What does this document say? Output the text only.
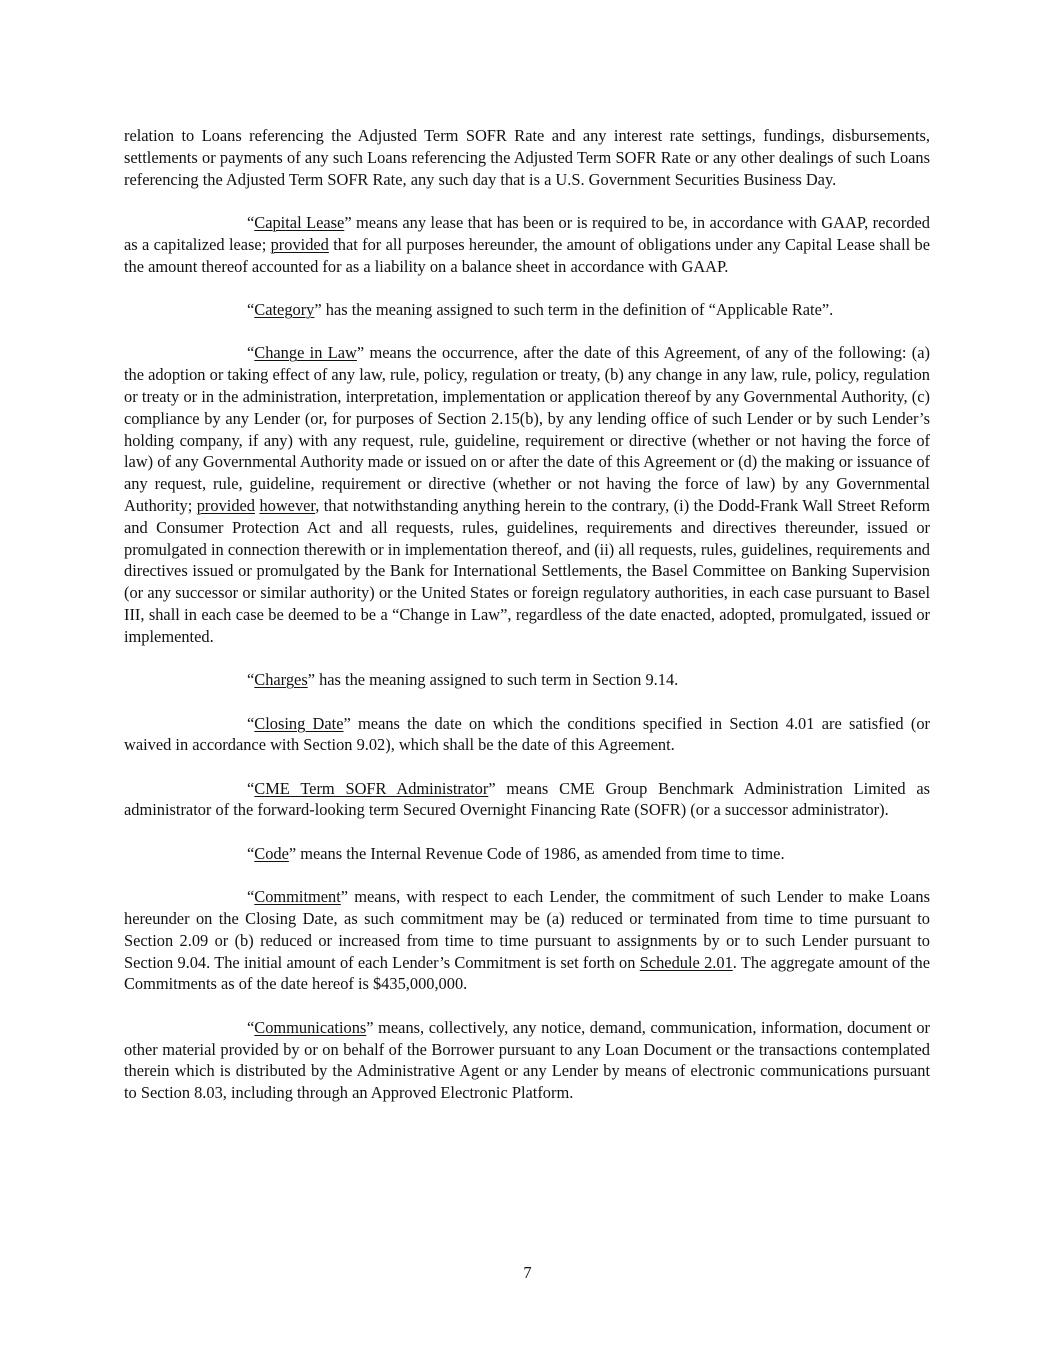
relation to Loans referencing the Adjusted Term SOFR Rate and any interest rate settings, fundings, disbursements, settlements or payments of any such Loans referencing the Adjusted Term SOFR Rate or any other dealings of such Loans referencing the Adjusted Term SOFR Rate, any such day that is a U.S. Government Securities Business Day.

“Capital Lease” means any lease that has been or is required to be, in accordance with GAAP, recorded as a capitalized lease; provided that for all purposes hereunder, the amount of obligations under any Capital Lease shall be the amount thereof accounted for as a liability on a balance sheet in accordance with GAAP.

“Category” has the meaning assigned to such term in the definition of “Applicable Rate”.

“Change in Law” means the occurrence, after the date of this Agreement, of any of the following: (a) the adoption or taking effect of any law, rule, policy, regulation or treaty, (b) any change in any law, rule, policy, regulation or treaty or in the administration, interpretation, implementation or application thereof by any Governmental Authority, (c) compliance by any Lender (or, for purposes of Section 2.15(b), by any lending office of such Lender or by such Lender’s holding company, if any) with any request, rule, guideline, requirement or directive (whether or not having the force of law) of any Governmental Authority made or issued on or after the date of this Agreement or (d) the making or issuance of any request, rule, guideline, requirement or directive (whether or not having the force of law) by any Governmental Authority; provided however, that notwithstanding anything herein to the contrary, (i) the Dodd-Frank Wall Street Reform and Consumer Protection Act and all requests, rules, guidelines, requirements and directives thereunder, issued or promulgated in connection therewith or in implementation thereof, and (ii) all requests, rules, guidelines, requirements and directives issued or promulgated by the Bank for International Settlements, the Basel Committee on Banking Supervision (or any successor or similar authority) or the United States or foreign regulatory authorities, in each case pursuant to Basel III, shall in each case be deemed to be a “Change in Law”, regardless of the date enacted, adopted, promulgated, issued or implemented.

“Charges” has the meaning assigned to such term in Section 9.14.

“Closing Date” means the date on which the conditions specified in Section 4.01 are satisfied (or waived in accordance with Section 9.02), which shall be the date of this Agreement.

“CME Term SOFR Administrator” means CME Group Benchmark Administration Limited as administrator of the forward-looking term Secured Overnight Financing Rate (SOFR) (or a successor administrator).

“Code” means the Internal Revenue Code of 1986, as amended from time to time.

“Commitment” means, with respect to each Lender, the commitment of such Lender to make Loans hereunder on the Closing Date, as such commitment may be (a) reduced or terminated from time to time pursuant to Section 2.09 or (b) reduced or increased from time to time pursuant to assignments by or to such Lender pursuant to Section 9.04. The initial amount of each Lender’s Commitment is set forth on Schedule 2.01. The aggregate amount of the Commitments as of the date hereof is $435,000,000.

“Communications” means, collectively, any notice, demand, communication, information, document or other material provided by or on behalf of the Borrower pursuant to any Loan Document or the transactions contemplated therein which is distributed by the Administrative Agent or any Lender by means of electronic communications pursuant to Section 8.03, including through an Approved Electronic Platform.

7
